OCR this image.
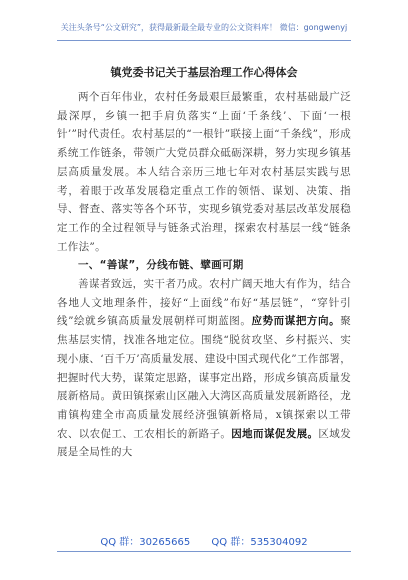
关注头条号“公文研究”，获得最新最全最专业的公文资料库！ 微信：gongwenyj
镇党委书记关于基层治理工作心得体会

两个百年伟业，农村任务最艰巨最繁重，农村基础最广泛最深厚，乡镇一把手肩负落实“上面‘千条线’、下面‘一根针’”时代责任。农村基层的“一根针”联接上面“千条线”，形成系统工作链条，带领广大党员群众砥砺深耕，努力实现乡镇基层高质量发展。本人结合亲历三地七年对农村基层实践与思考，着眼于改革发展稳定重点工作的领悟、谋划、决策、指导、督查、落实等各个环节，实现乡镇党委对基层改革发展稳定工作的全过程领导与链条式治理，探索农村基层一线“链条工作法”。

一、“善谋”，分线布链、擘画可期

善谋者致远，实干者乃成。农村广阔天地大有作为，结合各地人文地理条件，接好“上面线”布好“基层链”，“穿针引线”绘就乡镇高质量发展朝样可期蓝图。应势而谋把方向。聚焦基层实情，找准各地定位。围绕“脱贫攻坚、乡村振兴、实现小康、‘百千万’高质量发展、建设中国式现代化”工作部署，把握时代大势，谋策定思路，谋事定出路，形成乡镇高质量发展新格局。黄田镇探索山区融入大湾区高质量发展新路径，龙甫镇构建全市高质量发展经济强镇新格局，x镇探索以工带农、以农促工、工农相长的新路子。因地而谋促发展。区域发展是全局性的大

QQ 群：30265665 QQ 群：535304092
